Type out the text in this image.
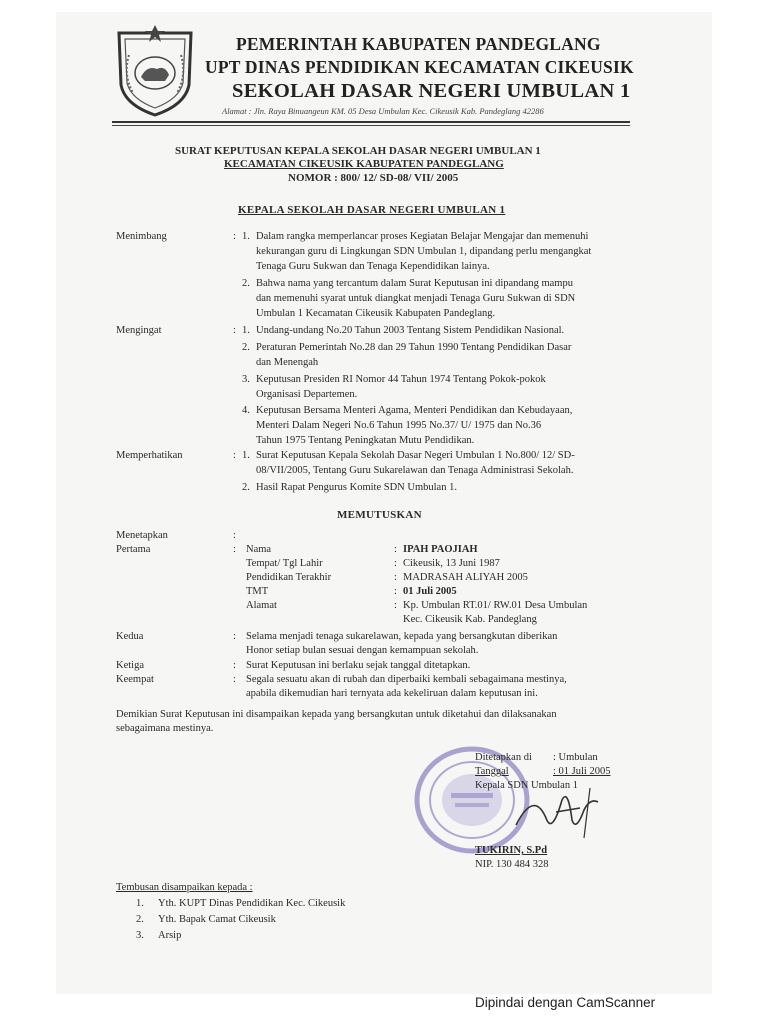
PEMERINTAH KABUPATEN PANDEGLANG
UPT DINAS PENDIDIKAN KECAMATAN CIKEUSIK
SEKOLAH DASAR NEGERI UMBULAN 1
Alamat : Jln. Raya Binuangeun KM. 05 Desa Umbulan Kec. Cikeusik Kab. Pandeglang 42286
SURAT KEPUTUSAN KEPALA SEKOLAH DASAR NEGERI UMBULAN 1
KECAMATAN CIKEUSIK KABUPATEN PANDEGLANG
NOMOR : 800/ 12/ SD-08/ VII/ 2005
KEPALA SEKOLAH DASAR NEGERI UMBULAN 1
Menimbang	: 1. Dalam rangka memperlancar proses Kegiatan Belajar Mengajar dan memenuhi
kekurangan guru di Lingkungan SDN Umbulan 1, dipandang perlu mengangkat
Tenaga Guru Sukwan dan Tenaga Kependidikan lainya.
2. Bahwa nama yang tercantum dalam Surat Keputusan ini dipandang mampu
dan memenuhi syarat untuk diangkat menjadi Tenaga Guru Sukwan di SDN
Umbulan 1 Kecamatan Cikeusik Kabupaten Pandeglang.
Mengingat	: 1. Undang-undang No.20 Tahun 2003 Tentang Sistem Pendidikan Nasional.
2. Peraturan Pemerintah No.28 dan 29 Tahun 1990 Tentang Pendidikan Dasar
dan Menengah
3. Keputusan Presiden RI Nomor 44 Tahun 1974 Tentang Pokok-pokok
Organisasi Departemen.
4. Keputusan Bersama Menteri Agama, Menteri Pendidikan dan Kebudayaan,
Menteri Dalam Negeri No.6 Tahun 1995 No.37/ U/ 1975 dan No.36
Tahun 1975 Tentang Peningkatan Mutu Pendidikan.
Memperhatikan	: 1. Surat Keputusan Kepala Sekolah Dasar Negeri Umbulan 1 No.800/ 12/ SD-
08/VII/2005, Tentang Guru Sukarelawan dan Tenaga Administrasi Sekolah.
2. Hasil Rapat Pengurus Komite SDN Umbulan 1.
MEMUTUSKAN
Menetapkan	:
Pertama	: Nama	: IPAH PAOJIAH
Tempat/ Tgl Lahir	: Cikeusik, 13 Juni 1987
Pendidikan Terakhir	: MADRASAH ALIYAH 2005
TMT	: 01 Juli 2005
Alamat	: Kp. Umbulan RT.01/ RW.01 Desa Umbulan
Kec. Cikeusik Kab. Pandeglang
Kedua	: Selama menjadi tenaga sukarelawan, kepada yang bersangkutan diberikan
Honor setiap bulan sesuai dengan kemampuan sekolah.
Ketiga	: Surat Keputusan ini berlaku sejak tanggal ditetapkan.
Keempat	: Segala sesuatu akan di rubah dan diperbaiki kembali sebagaimana mestinya,
apabila dikemudian hari ternyata ada kekeliruan dalam keputusan ini.
Demikian Surat Keputusan ini disampaikan kepada yang bersangkutan untuk diketahui dan dilaksanakan
sebagaimana mestinya.
Ditetapkan di : Umbulan
Tanggal	: 01 Juli 2005
Kepala SDN Umbulan 1
TUKIRIN, S.Pd
NIP. 130 484 328
Tembusan disampaikan kepada :
1. Yth. KUPT Dinas Pendidikan Kec. Cikeusik
2. Yth. Bapak Camat Cikeusik
3. Arsip
Dipindai dengan CamScanner
